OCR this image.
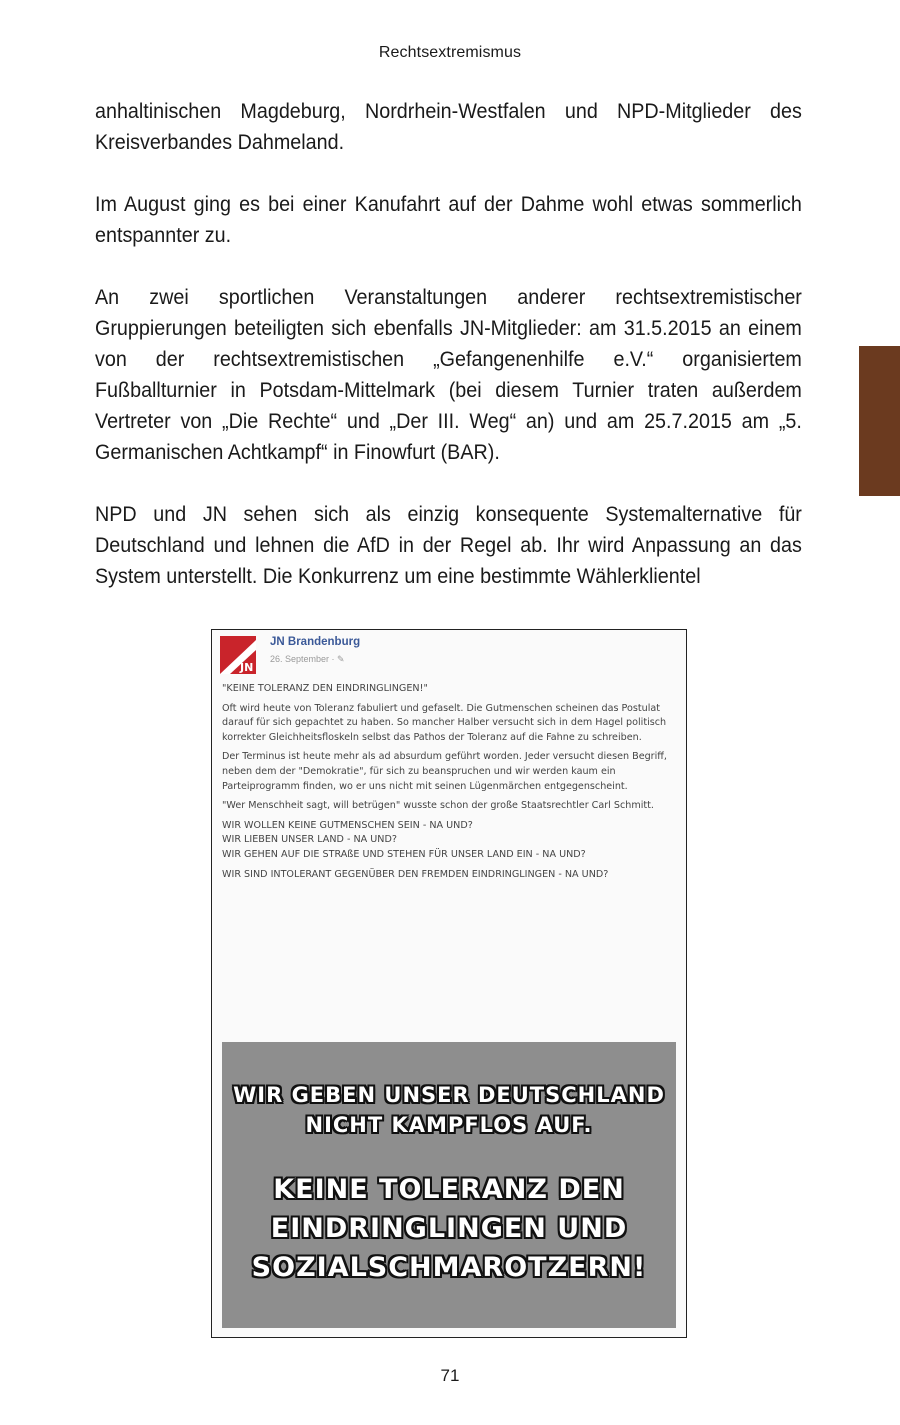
Rechtsextremismus

anhaltinischen Magdeburg, Nordrhein-Westfalen und NPD-Mitglieder des Kreisverbandes Dahmeland.

Im August ging es bei einer Kanufahrt auf der Dahme wohl etwas sommerlich entspannter zu.

An zwei sportlichen Veranstaltungen anderer rechtsextremistischer Gruppierungen beteiligten sich ebenfalls JN-Mitglieder: am 31.5.2015 an einem von der rechtsextremistischen „Gefangenenhilfe e.V.“ organisiertem Fußballturnier in Potsdam-Mittelmark (bei diesem Turnier traten außerdem Vertreter von „Die Rechte“ und „Der III. Weg“ an) und am 25.7.2015 am „5. Germanischen Achtkampf“ in Finowfurt (BAR).

NPD und JN sehen sich als einzig konsequente Systemalternative für Deutschland und lehnen die AfD in der Regel ab. Ihr wird Anpassung an das System unterstellt. Die Konkurrenz um eine bestimmte Wählerklientel

JN
JN Brandenburg
26. September · ✎

"KEINE TOLERANZ DEN EINDRINGLINGEN!"

Oft wird heute von Toleranz fabuliert und gefaselt. Die Gutmenschen scheinen das Postulat darauf für sich gepachtet zu haben. So mancher Halber versucht sich in dem Hagel politisch korrekter Gleichheitsfloskeln selbst das Pathos der Toleranz auf die Fahne zu schreiben.

Der Terminus ist heute mehr als ad absurdum geführt worden. Jeder versucht diesen Begriff, neben dem der "Demokratie", für sich zu beanspruchen und wir werden kaum ein Parteiprogramm finden, wo er uns nicht mit seinen Lügenmärchen entgegenscheint.

"Wer Menschheit sagt, will betrügen" wusste schon der große Staatsrechtler Carl Schmitt.

WIR WOLLEN KEINE GUTMENSCHEN SEIN - NA UND?
WIR LIEBEN UNSER LAND - NA UND?
WIR GEHEN AUF DIE STRAßE UND STEHEN FÜR UNSER LAND EIN - NA UND?

WIR SIND INTOLERANT GEGENÜBER DEN FREMDEN EINDRINGLINGEN - NA UND?

WIR GEBEN UNSER DEUTSCHLAND NICHT KAMPFLOS AUF.
KEINE TOLERANZ DEN EINDRINGLINGEN UND SOZIALSCHMAROTZERN!
71
